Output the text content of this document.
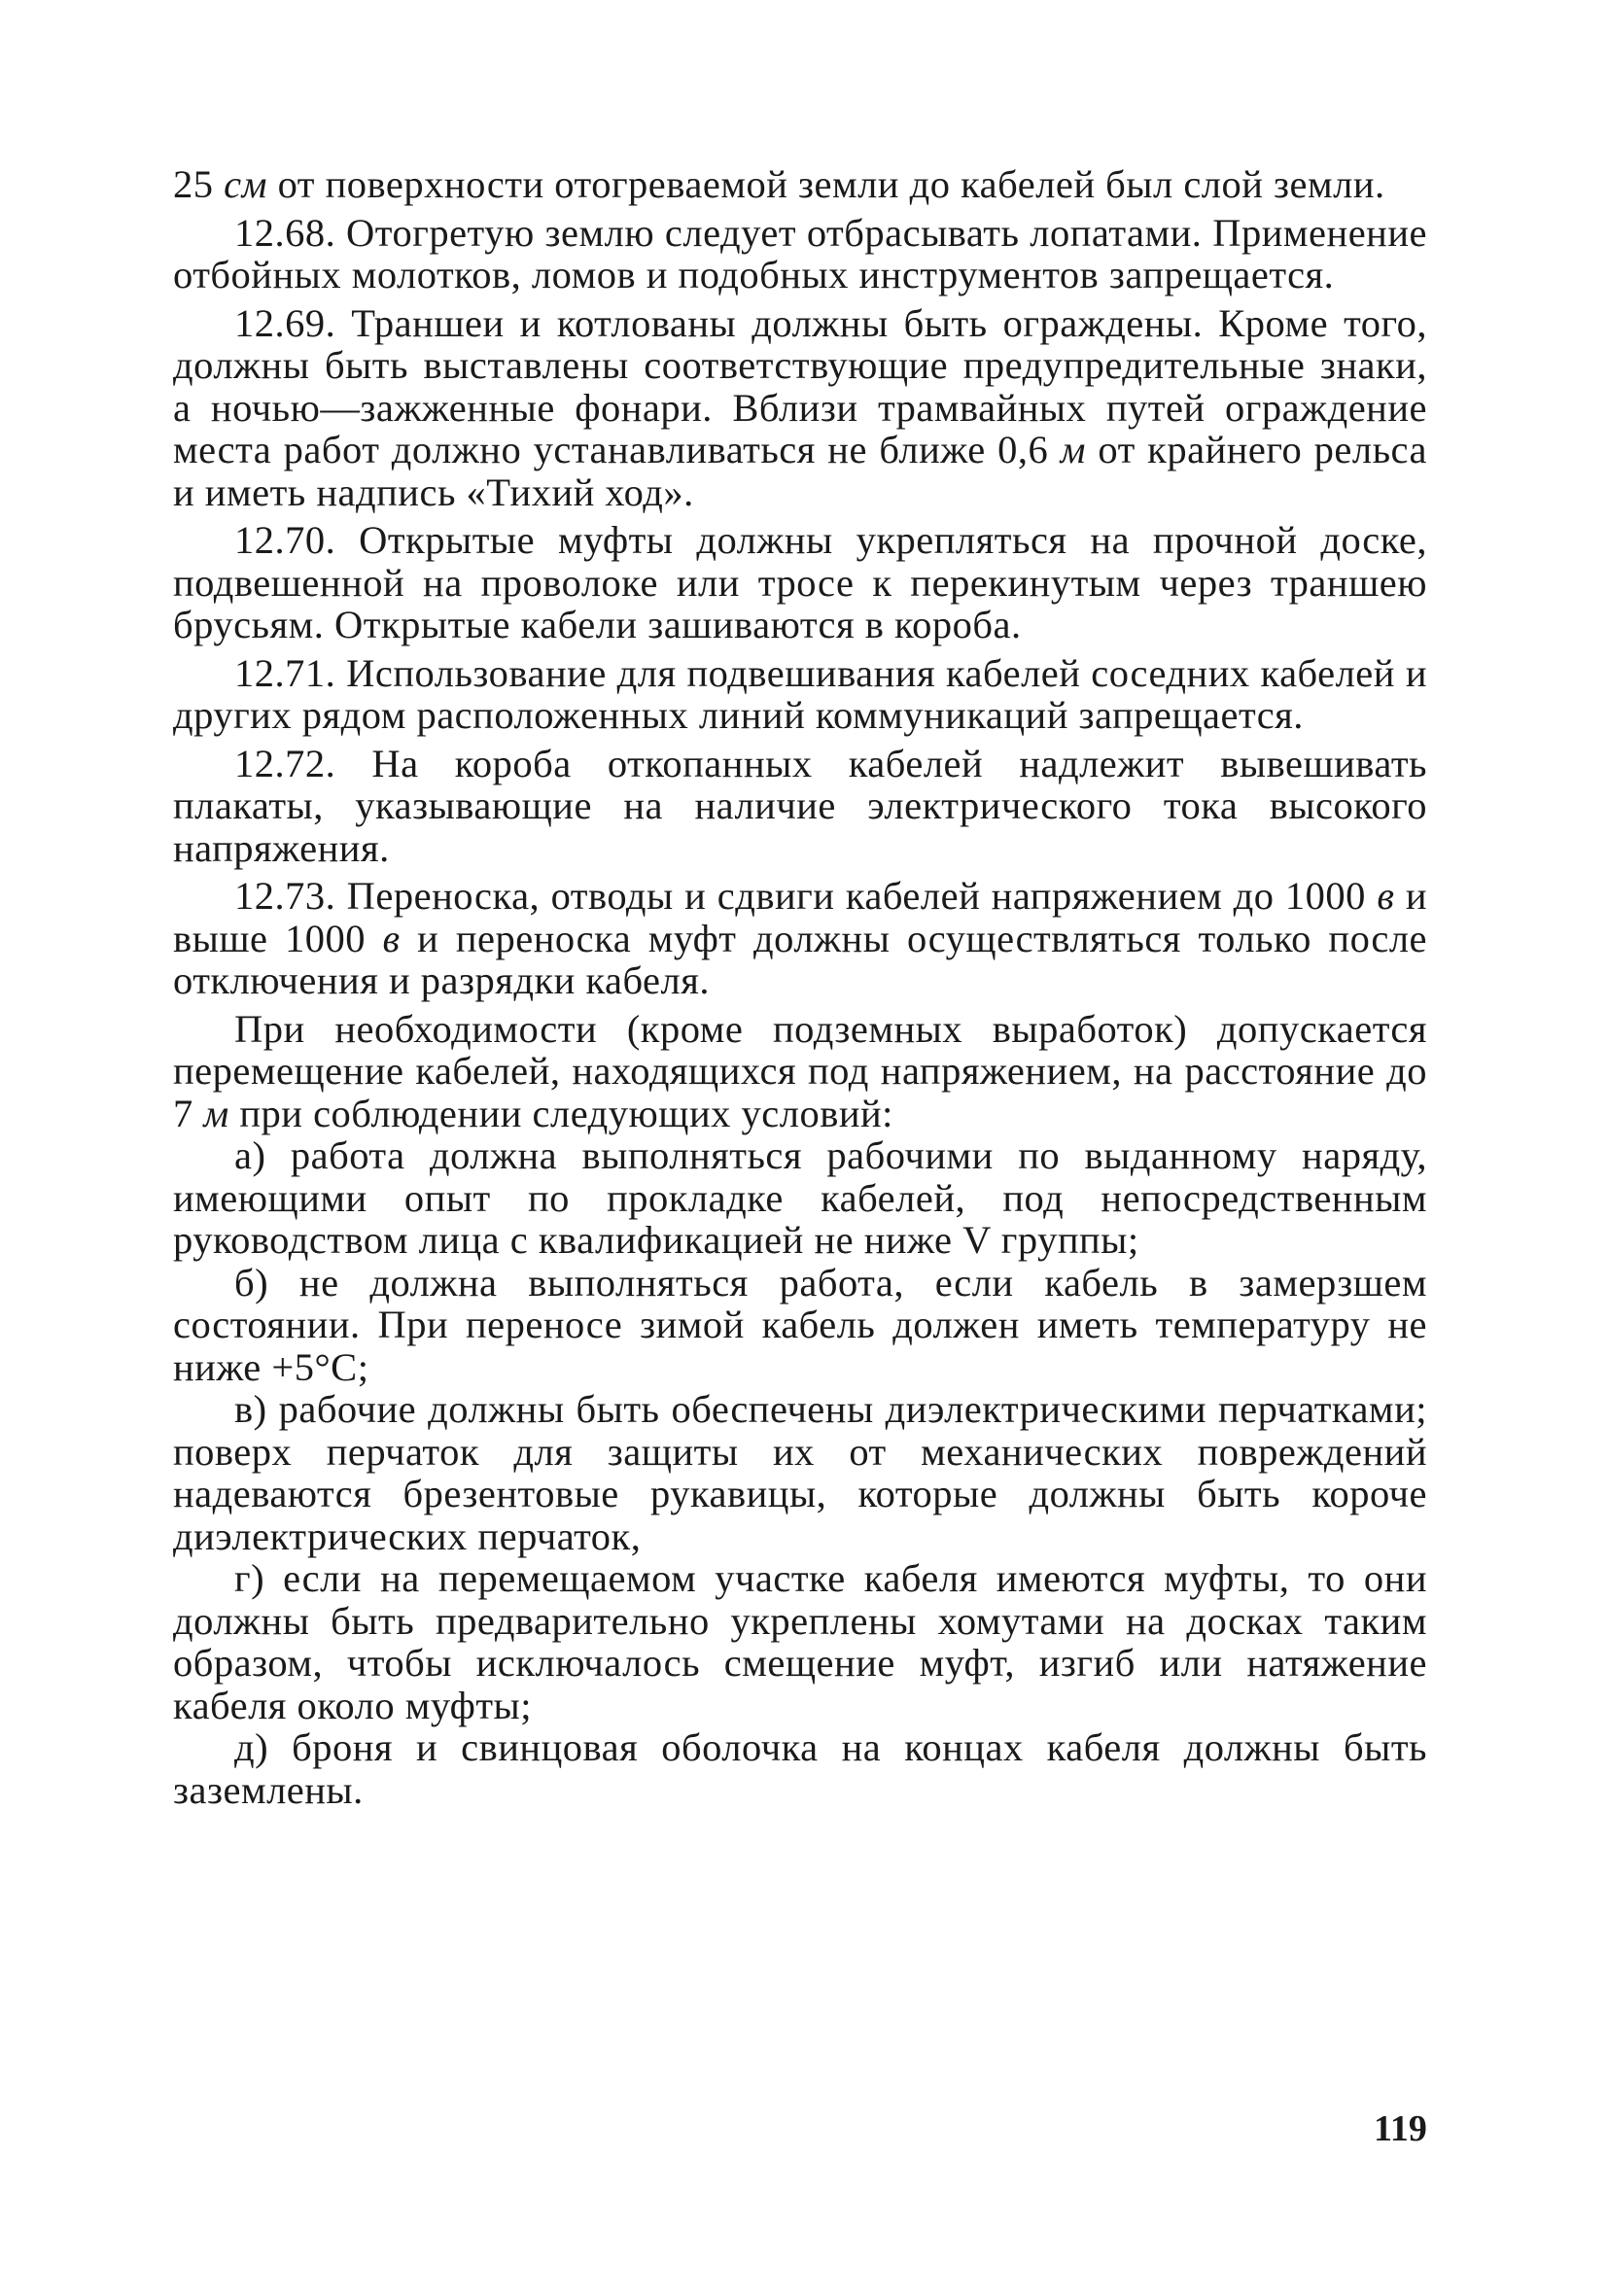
25 см от поверхности отогреваемой земли до кабелей был слой земли.

12.68. Отогретую землю следует отбрасывать лопатами. Применение отбойных молотков, ломов и подобных инструментов запрещается.

12.69. Траншеи и котлованы должны быть ограждены. Кроме того, должны быть выставлены соответствующие предупредительные знаки, а ночью—зажженные фонари. Вблизи трамвайных путей ограждение места работ должно устанавливаться не ближе 0,6 м от крайнего рельса и иметь надпись «Тихий ход».

12.70. Открытые муфты должны укрепляться на прочной доске, подвешенной на проволоке или тросе к перекинутым через траншею брусьям. Открытые кабели зашиваются в короба.

12.71. Использование для подвешивания кабелей соседних кабелей и других рядом расположенных линий коммуникаций запрещается.

12.72. На короба откопанных кабелей надлежит вывешивать плакаты, указывающие на наличие электрического тока высокого напряжения.

12.73. Переноска, отводы и сдвиги кабелей напряжением до 1000 в и выше 1000 в и переноска муфт должны осуществляться только после отключения и разрядки кабеля.

При необходимости (кроме подземных выработок) допускается перемещение кабелей, находящихся под напряжением, на расстояние до 7 м при соблюдении следующих условий:

а) работа должна выполняться рабочими по выданному наряду, имеющими опыт по прокладке кабелей, под непосредственным руководством лица с квалификацией не ниже V группы;

б) не должна выполняться работа, если кабель в замерзшем состоянии. При переносе зимой кабель должен иметь температуру не ниже +5°С;

в) рабочие должны быть обеспечены диэлектрическими перчатками; поверх перчаток для защиты их от механических повреждений надеваются брезентовые рукавицы, которые должны быть короче диэлектрических перчаток,

г) если на перемещаемом участке кабеля имеются муфты, то они должны быть предварительно укреплены хомутами на досках таким образом, чтобы исключалось смещение муфт, изгиб или натяжение кабеля около муфты;

д) броня и свинцовая оболочка на концах кабеля должны быть заземлены.

119
